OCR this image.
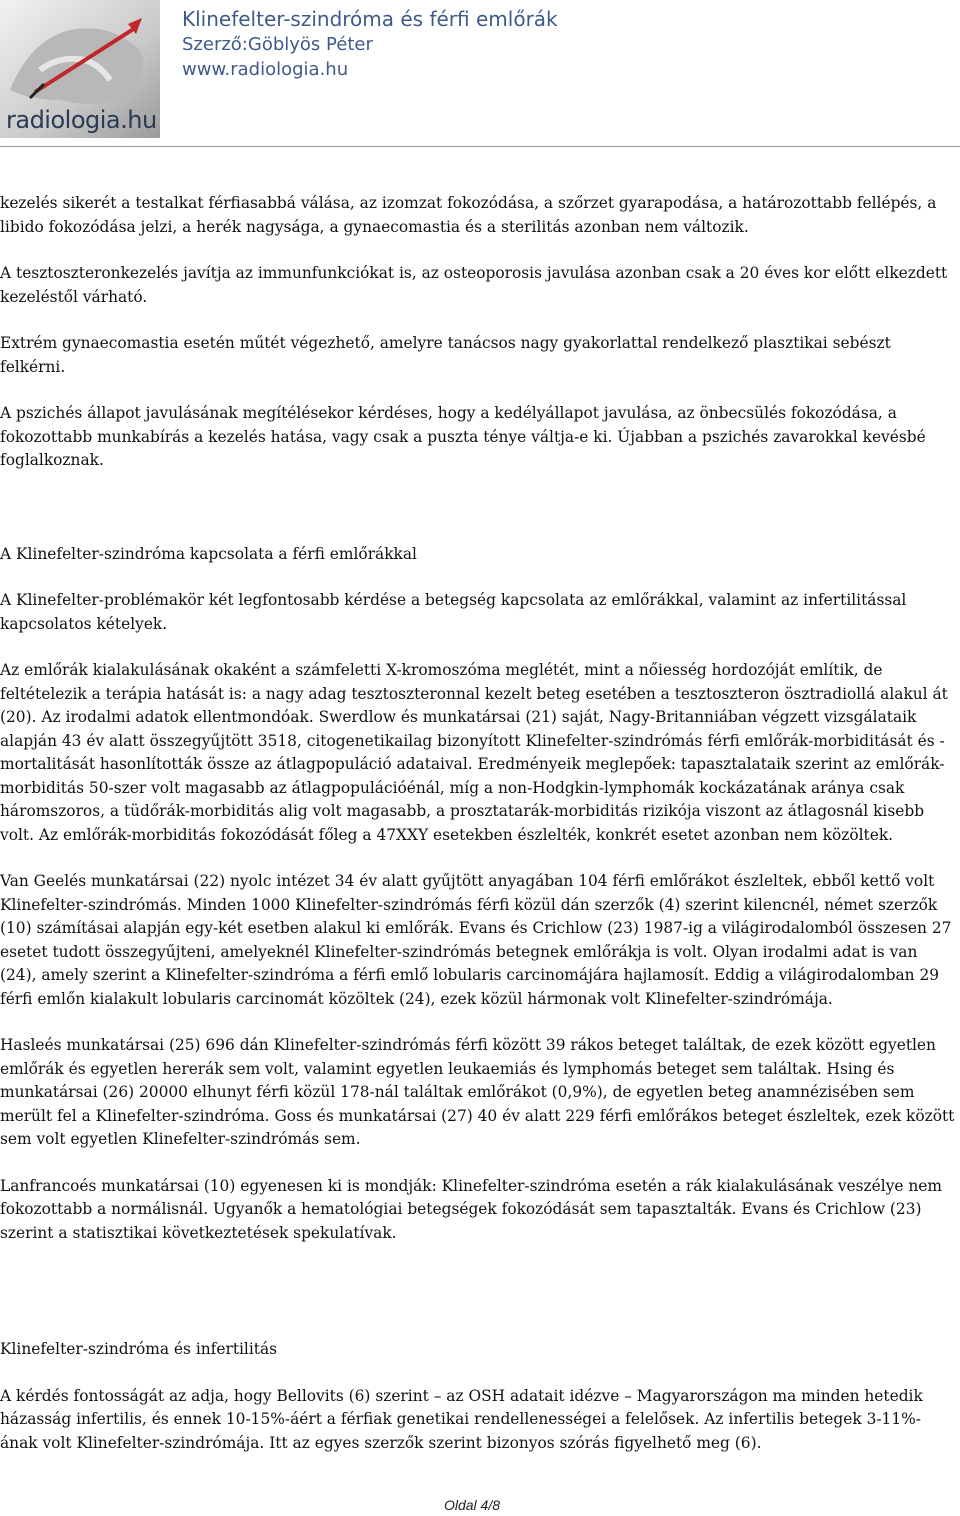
radiologia.hu
Klinefelter-szindróma és férfi emlőrák
Szerző:Göblyös Péter
www.radiologia.hu

kezelés sikerét a testalkat férfiasabbá válása, az izomzat fokozódása, a szőrzet gyarapodása, a határozottabb fellépés, a libido fokozódása jelzi, a herék nagysága, a gynaecomastia és a sterilitás azonban nem változik.

A tesztoszteronkezelés javítja az immunfunkciókat is, az osteoporosis javulása azonban csak a 20 éves kor előtt elkezdett kezeléstől várható.

Extrém gynaecomastia esetén műtét végezhető, amelyre tanácsos nagy gyakorlattal rendelkező plasztikai sebészt felkérni.

A pszichés állapot javulásának megítélésekor kérdéses, hogy a kedélyállapot javulása, az önbecsülés fokozódása, a fokozottabb munkabírás a kezelés hatása, vagy csak a puszta ténye váltja-e ki. Újabban a pszichés zavarokkal kevésbé foglalkoznak.

A Klinefelter-szindróma kapcsolata a férfi emlőrákkal

A Klinefelter-problémakör két legfontosabb kérdése a betegség kapcsolata az emlőrákkal, valamint az infertilitással kapcsolatos kételyek.

Az emlőrák kialakulásának okaként a számfeletti X-kromoszóma meglétét, mint a nőiesség hordozóját említik, de feltételezik a terápia hatását is: a nagy adag tesztoszteronnal kezelt beteg esetében a tesztoszteron ösztradiollá alakul át (20). Az irodalmi adatok ellentmondóak. Swerdlow és munkatársai (21) saját, Nagy-Britanniában végzett vizsgálataik alapján 43 év alatt összegyűjtött 3518, citogenetikailag bizonyított Klinefelter-szindrómás férfi emlőrák-morbiditását és -mortalitását hasonlították össze az átlagpopuláció adataival. Eredményeik meglepőek: tapasztalataik szerint az emlőrák-morbiditás 50-szer volt magasabb az átlagpopulációénál, míg a non-Hodgkin-lymphomák kockázatának aránya csak háromszoros, a tüdőrák-morbiditás alig volt magasabb, a prosztatarák-morbiditás rizikója viszont az átlagosnál kisebb volt. Az emlőrák-morbiditás fokozódását főleg a 47XXY esetekben észlelték, konkrét esetet azonban nem közöltek.

Van Geelés munkatársai (22) nyolc intézet 34 év alatt gyűjtött anyagában 104 férfi emlőrákot észleltek, ebből kettő volt Klinefelter-szindrómás. Minden 1000 Klinefelter-szindrómás férfi közül dán szerzők (4) szerint kilencnél, német szerzők (10) számításai alapján egy-két esetben alakul ki emlőrák. Evans és Crichlow (23) 1987-ig a világirodalomból összesen 27 esetet tudott összegyűjteni, amelyeknél Klinefelter-szindrómás betegnek emlőrákja is volt. Olyan irodalmi adat is van (24), amely szerint a Klinefelter-szindróma a férfi emlő lobularis carcinomájára hajlamosít. Eddig a világirodalomban 29 férfi emlőn kialakult lobularis carcinomát közöltek (24), ezek közül hármonak volt Klinefelter-szindrómája.

Hasleés munkatársai (25) 696 dán Klinefelter-szindrómás férfi között 39 rákos beteget találtak, de ezek között egyetlen emlőrák és egyetlen hererák sem volt, valamint egyetlen leukaemiás és lymphomás beteget sem találtak. Hsing és munkatársai (26) 20000 elhunyt férfi közül 178-nál találtak emlőrákot (0,9%), de egyetlen beteg anamnézisében sem merült fel a Klinefelter-szindróma. Goss és munkatársai (27) 40 év alatt 229 férfi emlőrákos beteget észleltek, ezek között sem volt egyetlen Klinefelter-szindrómás sem.

Lanfrancoés munkatársai (10) egyenesen ki is mondják: Klinefelter-szindróma esetén a rák kialakulásának veszélye nem fokozottabb a normálisnál. Ugyanők a hematológiai betegségek fokozódását sem tapasztalták. Evans és Crichlow (23) szerint a statisztikai következtetések spekulatívak.

Klinefelter-szindróma és infertilitás

A kérdés fontosságát az adja, hogy Bellovits (6) szerint – az OSH adatait idézve – Magyarországon ma minden hetedik házasság infertilis, és ennek 10-15%-áért a férfiak genetikai rendellenességei a felelősek. Az infertilis betegek 3-11%-ának volt Klinefelter-szindrómája. Itt az egyes szerzők szerint bizonyos szórás figyelhető meg (6).

Oldal 4/8
